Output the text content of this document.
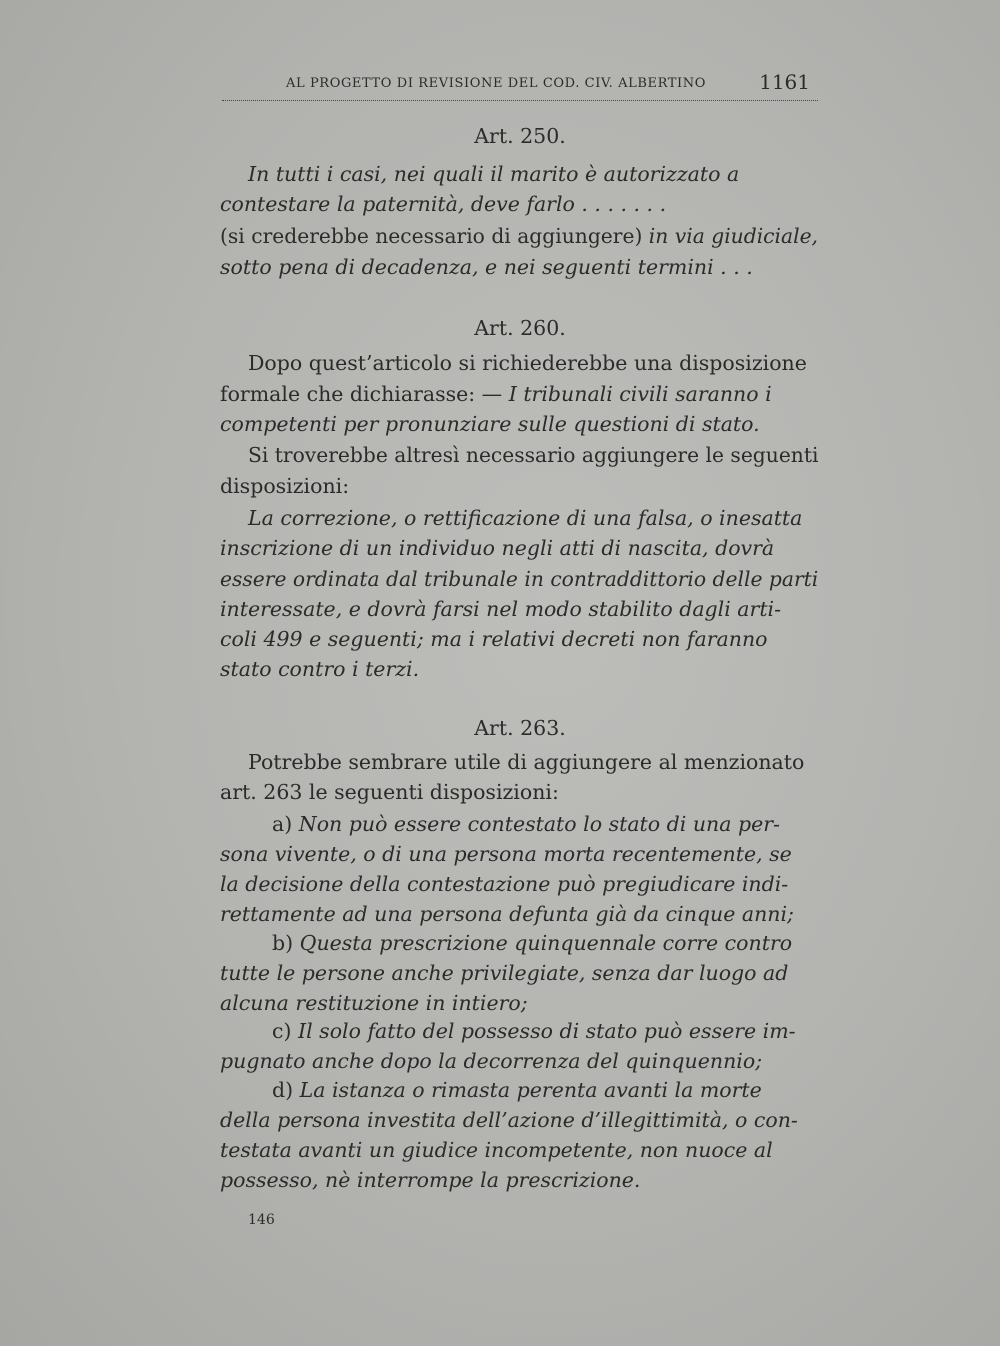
AL PROGETTO DI REVISIONE DEL COD. CIV. ALBERTINO	1161
Art. 250.
In tutti i casi, nei quali il marito è autorizzato a
contestare la paternità, deve farlo . . . . . . .
(si crederebbe necessario di aggiungere) in via giudiciale,
sotto pena di decadenza, e nei seguenti termini . . .
Art. 260.
Dopo quest’articolo si richiederebbe una disposizione
formale che dichiarasse: — I tribunali civili saranno i
competenti per pronunziare sulle questioni di stato.
Si troverebbe altresì necessario aggiungere le seguenti
disposizioni:
La correzione, o rettificazione di una falsa, o inesatta
inscrizione di un individuo negli atti di nascita, dovrà
essere ordinata dal tribunale in contraddittorio delle parti
interessate, e dovrà farsi nel modo stabilito dagli arti-
coli 499 e seguenti; ma i relativi decreti non faranno
stato contro i terzi.
Art. 263.
Potrebbe sembrare utile di aggiungere al menzionato
art. 263 le seguenti disposizioni:
a) Non può essere contestato lo stato di una per-
sona vivente, o di una persona morta recentemente, se
la decisione della contestazione può pregiudicare indi-
rettamente ad una persona defunta già da cinque anni;
b) Questa prescrizione quinquennale corre contro
tutte le persone anche privilegiate, senza dar luogo ad
alcuna restituzione in intiero;
c) Il solo fatto del possesso di stato può essere im-
pugnato anche dopo la decorrenza del quinquennio;
d) La istanza o rimasta perenta avanti la morte
della persona investita dell’azione d’illegittimità, o con-
testata avanti un giudice incompetente, non nuoce al
possesso, nè interrompe la prescrizione.
146
